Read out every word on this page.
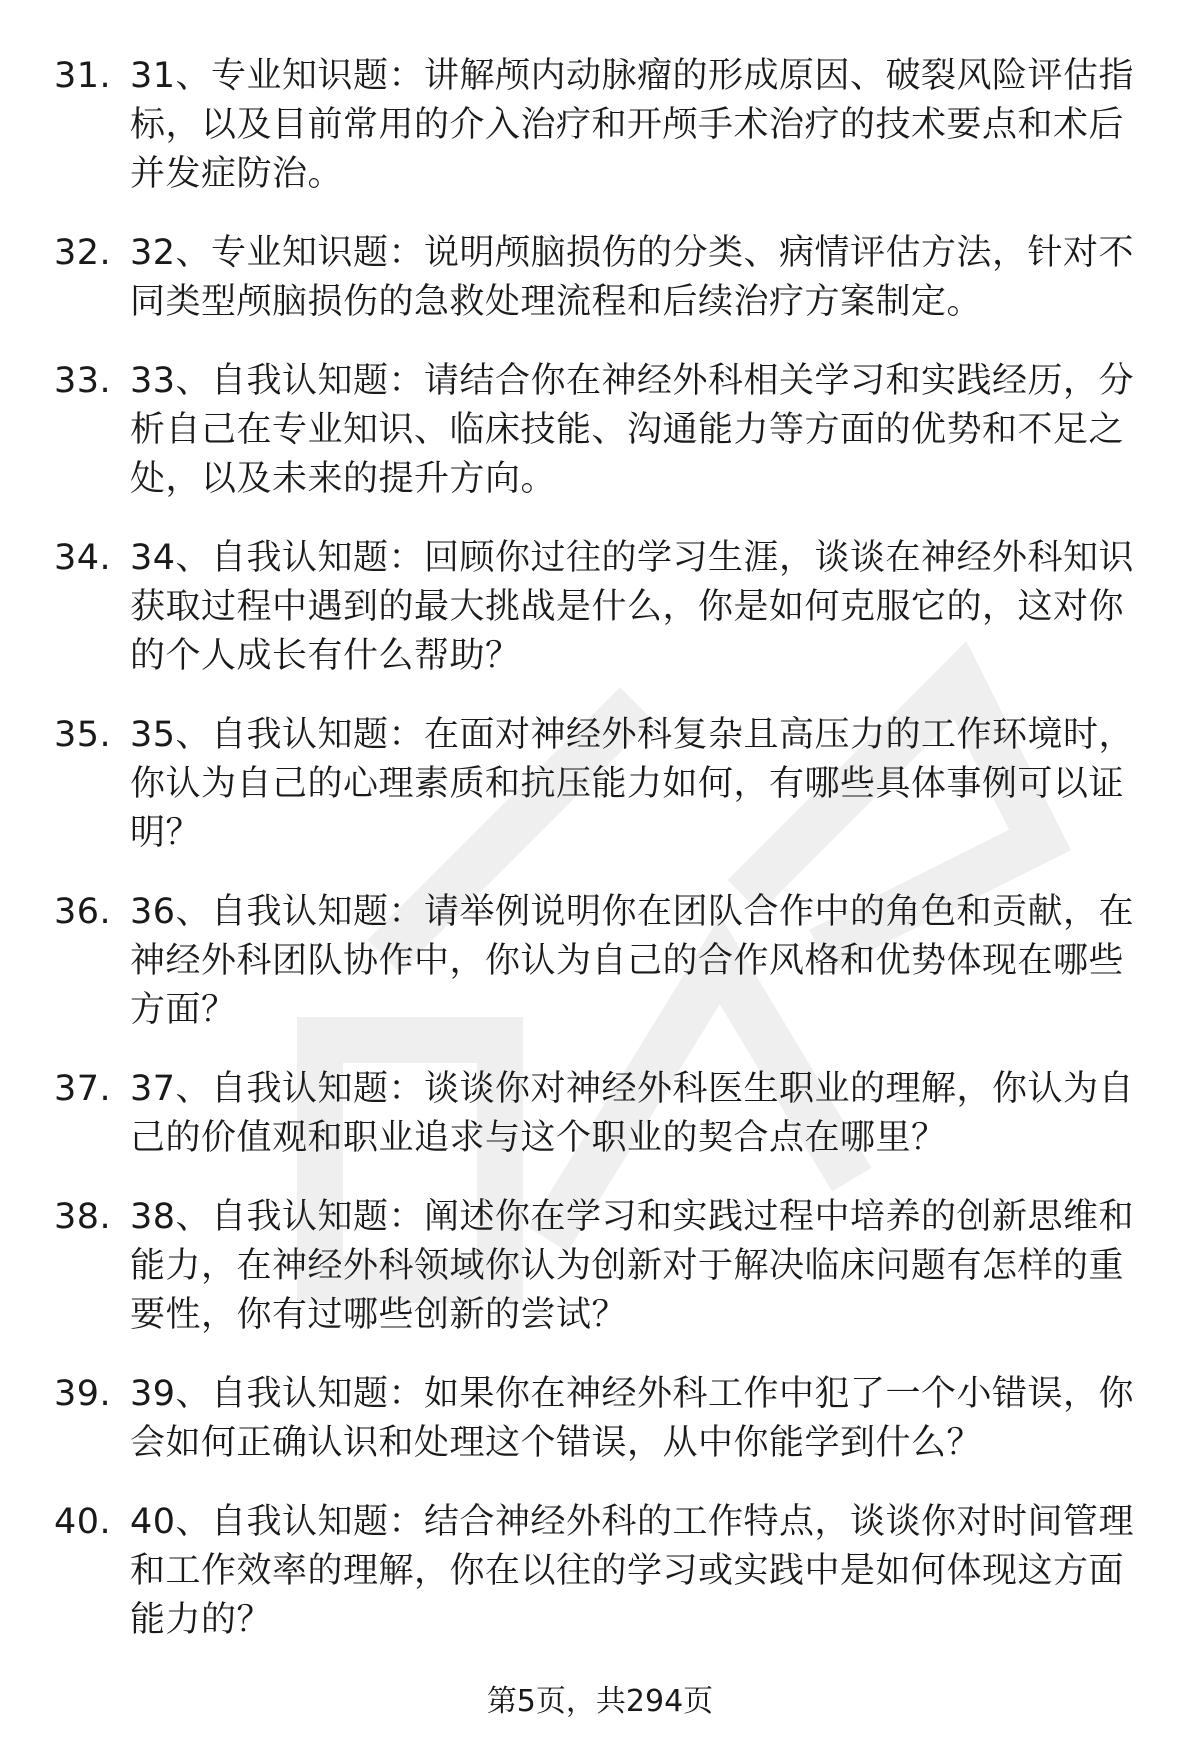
31. 31、专业知识题：讲解颅内动脉瘤的形成原因、破裂风险评估指标，以及目前常用的介入治疗和开颅手术治疗的技术要点和术后并发症防治。
32. 32、专业知识题：说明颅脑损伤的分类、病情评估方法，针对不同类型颅脑损伤的急救处理流程和后续治疗方案制定。
33. 33、自我认知题：请结合你在神经外科相关学习和实践经历，分析自己在专业知识、临床技能、沟通能力等方面的优势和不足之处，以及未来的提升方向。
34. 34、自我认知题：回顾你过往的学习生涯，谈谈在神经外科知识获取过程中遇到的最大挑战是什么，你是如何克服它的，这对你的个人成长有什么帮助？
35. 35、自我认知题：在面对神经外科复杂且高压力的工作环境时，你认为自己的心理素质和抗压能力如何，有哪些具体事例可以证明？
36. 36、自我认知题：请举例说明你在团队合作中的角色和贡献，在神经外科团队协作中，你认为自己的合作风格和优势体现在哪些方面？
37. 37、自我认知题：谈谈你对神经外科医生职业的理解，你认为自己的价值观和职业追求与这个职业的契合点在哪里？
38. 38、自我认知题：阐述你在学习和实践过程中培养的创新思维和能力，在神经外科领域你认为创新对于解决临床问题有怎样的重要性，你有过哪些创新的尝试？
39. 39、自我认知题：如果你在神经外科工作中犯了一个小错误，你会如何正确认识和处理这个错误，从中你能学到什么？
40. 40、自我认知题：结合神经外科的工作特点，谈谈你对时间管理和工作效率的理解，你在以往的学习或实践中是如何体现这方面能力的？
第5页，共294页
